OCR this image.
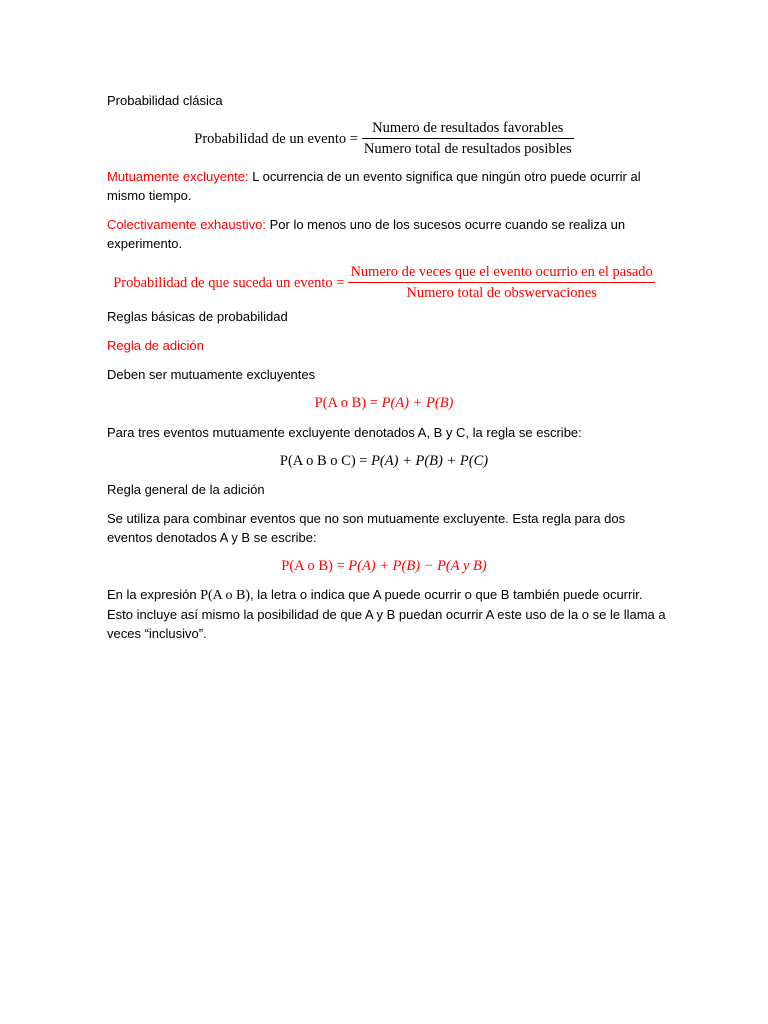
Probabilidad clásica
Probabilidad de un evento = $\frac{\text{Numero de resultados favorables}}{\text{Numero total de resultados posibles}}$
Mutuamente excluyente: L ocurrencia de un evento significa que ningún otro puede ocurrir al mismo tiempo.
Colectivamente exhaustivo: Por lo menos uno de los sucesos ocurre cuando se realiza un experimento.
Probabilidad de que suceda un evento = $\frac{\text{Numero de veces que el evento ocurrio en el pasado}}{\text{Numero total de obswervaciones}}$
Reglas básicas de probabilidad
Regla de adición
Deben ser mutuamente excluyentes
P(A o B) = P(A) + P(B)
Para tres eventos mutuamente excluyente denotados A, B y C, la regla se escribe:
P(A o B o C) = P(A) + P(B) + P(C)
Regla general de la adición
Se utiliza para combinar eventos que no son mutuamente excluyente. Esta regla para dos eventos denotados A y B se escribe:
P(A o B) = P(A) + P(B) − P(A y B)
En la expresión P(A o B), la letra o indica que A puede ocurrir o que B también puede ocurrir. Esto incluye así mismo la posibilidad de que A y B puedan ocurrir A este uso de la o se le llama a veces “inclusivo”.
